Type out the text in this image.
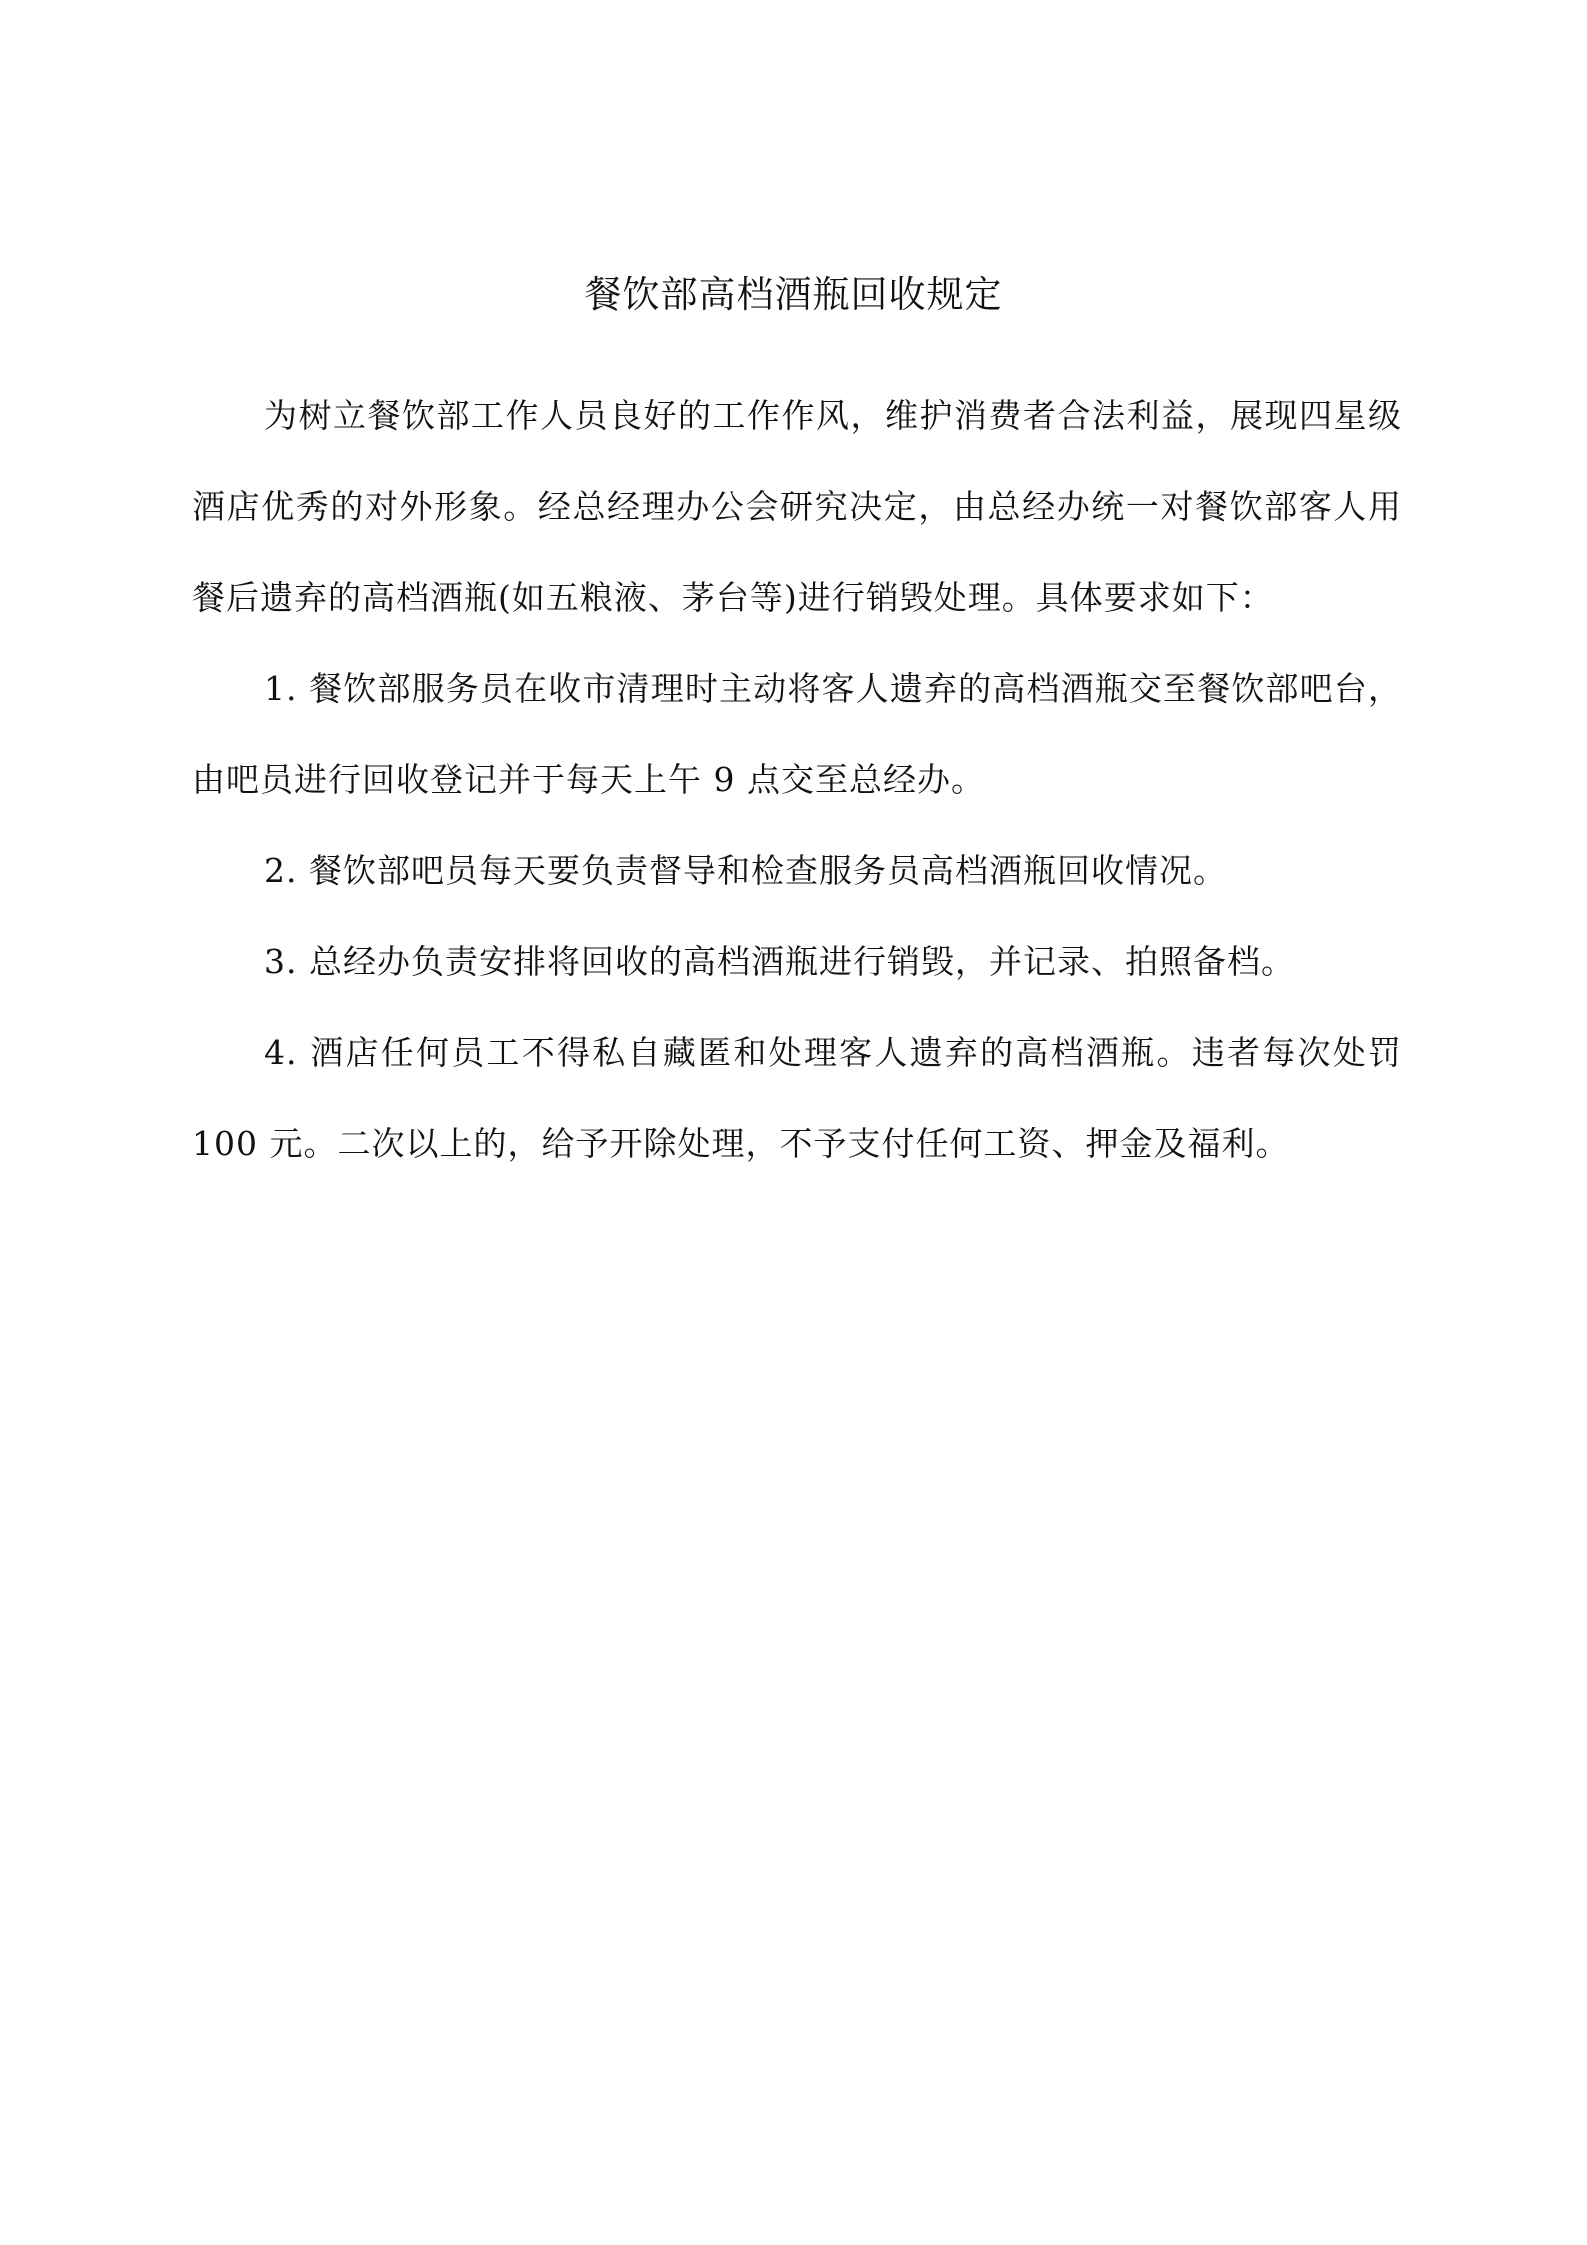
餐饮部高档酒瓶回收规定

为树立餐饮部工作人员良好的工作作风，维护消费者合法利益，展现四星级酒店优秀的对外形象。经总经理办公会研究决定，由总经办统一对餐饮部客人用餐后遗弃的高档酒瓶(如五粮液、茅台等)进行销毁处理。具体要求如下：

1. 餐饮部服务员在收市清理时主动将客人遗弃的高档酒瓶交至餐饮部吧台，由吧员进行回收登记并于每天上午 9 点交至总经办。

2. 餐饮部吧员每天要负责督导和检查服务员高档酒瓶回收情况。

3. 总经办负责安排将回收的高档酒瓶进行销毁，并记录、拍照备档。

4. 酒店任何员工不得私自藏匿和处理客人遗弃的高档酒瓶。违者每次处罚 100 元。二次以上的，给予开除处理，不予支付任何工资、押金及福利。
